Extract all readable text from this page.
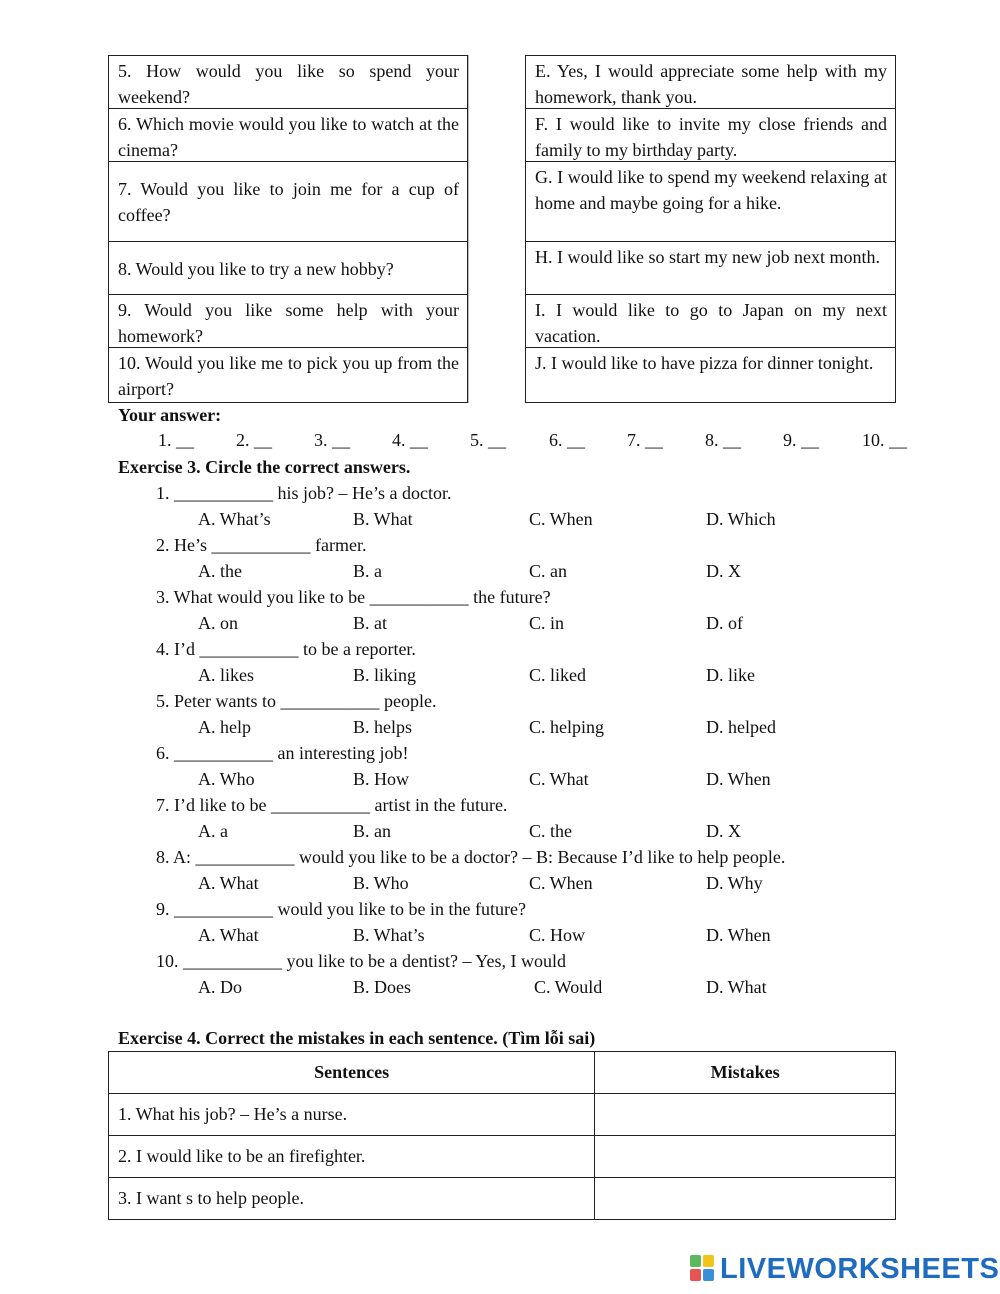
5. How would you like so spend your weekend?
E. Yes, I would appreciate some help with my homework, thank you.
6. Which movie would you like to watch at the cinema?
F. I would like to invite my close friends and family to my birthday party.
7. Would you like to join me for a cup of coffee?
G. I would like to spend my weekend relaxing at home and maybe going for a hike.
8. Would you like to try a new hobby?
H. I would like so start my new job next month.
9. Would you like some help with your homework?
I. I would like to go to Japan on my next vacation.
10. Would you like me to pick you up from the airport?
J. I would like to have pizza for dinner tonight.
Your answer:
1. __ 2. __ 3. __ 4. __ 5. __ 6. __ 7. __ 8. __ 9. __ 10. __
Exercise 3. Circle the correct answers.
1. ___________ his job? – He’s a doctor.
A. What’s	B. What	C. When	D. Which
2. He’s ___________ farmer.
A. the	B. a	C. an	D. X
3. What would you like to be ___________ the future?
A. on	B. at	C. in	D. of
4. I’d ___________ to be a reporter.
A. likes	B. liking	C. liked	D. like
5. Peter wants to ___________ people.
A. help	B. helps	C. helping	D. helped
6. ___________ an interesting job!
A. Who	B. How	C. What	D. When
7. I’d like to be ___________ artist in the future.
A. a	B. an	C. the	D. X
8. A: ___________ would you like to be a doctor? – B: Because I’d like to help people.
A. What	B. Who	C. When	D. Why
9. ___________ would you like to be in the future?
A. What	B. What’s	C. How	D. When
10. ___________ you like to be a dentist? – Yes, I would
A. Do	B. Does	C. Would	D. What
Exercise 4. Correct the mistakes in each sentence. (Tìm lỗi sai)
Sentences	Mistakes
1. What his job? – He’s a nurse.	
2. I would like to be an firefighter.	
3. I want s to help people.	
LIVEWORKSHEETS
